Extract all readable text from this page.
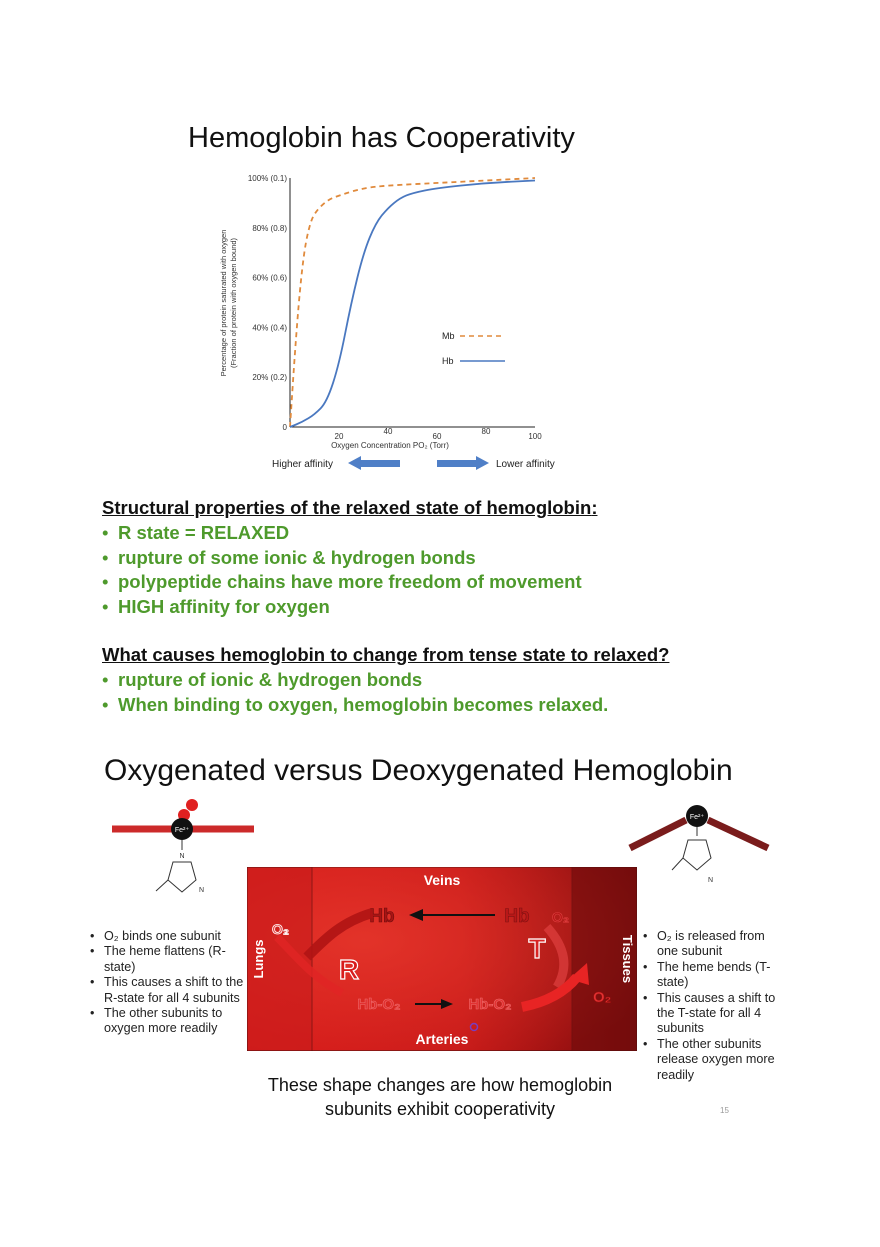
Hemoglobin has Cooperativity
Percentage of protein saturated with oxygen (Fraction of protein with oxygen bound)
0
20% (0.2)
40% (0.4)
60% (0.6)
80% (0.8)
100% (0.1)
20
40
60
80
100
Oxygen Concentration PO₂ (Torr)
Mb
Hb
Higher affinity	Lower affinity
Structural properties of the relaxed state of hemoglobin:
• R state = RELAXED
• rupture of some ionic & hydrogen bonds
• polypeptide chains have more freedom of movement
• HIGH affinity for oxygen
What causes hemoglobin to change from tense state to relaxed?
• rupture of ionic & hydrogen bonds
• When binding to oxygen, hemoglobin becomes relaxed.
Oxygenated versus Deoxygenated Hemoglobin
Fe²⁺
N
N
Fe²⁺
N
Veins
Arteries
Lungs	Tissues
Hb	Hb O₂
O₂
R
T
Hb-O₂	Hb-O₂	O₂
• O₂ binds one subunit
• The heme flattens (R-state)
• This causes a shift to the R-state for all 4 subunits
• The other subunits to oxygen more readily
• O₂ is released from one subunit
• The heme bends (T-state)
• This causes a shift to the T-state for all 4 subunits
• The other subunits release oxygen more readily
These shape changes are how hemoglobin
subunits exhibit cooperativity	15
